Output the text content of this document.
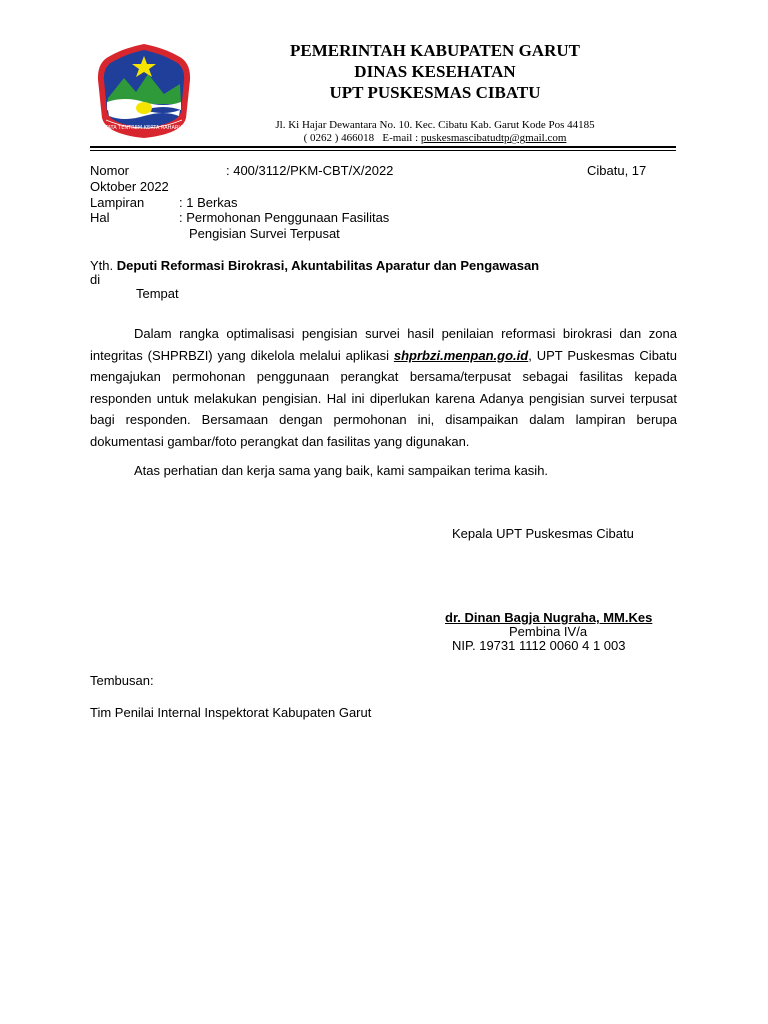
TATA TENTREM KERTA RAHARJA
PEMERINTAH KABUPATEN GARUT
DINAS KESEHATAN
UPT PUSKESMAS CIBATU
Jl. Ki Hajar Dewantara No. 10. Kec. Cibatu Kab. Garut Kode Pos 44185
( 0262 ) 466018 E-mail : puskesmascibatudtp@gmail.com
Nomor	: 400/3112/PKM-CBT/X/2022	Cibatu, 17
Oktober 2022
Lampiran	: 1 Berkas
Hal	: Permohonan Penggunaan Fasilitas
Pengisian Survei Terpusat
Yth. Deputi Reformasi Birokrasi, Akuntabilitas Aparatur dan Pengawasan
di
Tempat
Dalam rangka optimalisasi pengisian survei hasil penilaian reformasi birokrasi dan zona integritas (SHPRBZI) yang dikelola melalui aplikasi shprbzi.menpan.go.id, UPT Puskesmas Cibatu mengajukan permohonan penggunaan perangkat bersama/terpusat sebagai fasilitas kepada responden untuk melakukan pengisian. Hal ini diperlukan karena Adanya pengisian survei terpusat bagi responden. Bersamaan dengan permohonan ini, disampaikan dalam lampiran berupa dokumentasi gambar/foto perangkat dan fasilitas yang digunakan.
Atas perhatian dan kerja sama yang baik, kami sampaikan terima kasih.
Kepala UPT Puskesmas Cibatu
dr. Dinan Bagja Nugraha, MM.Kes
Pembina IV/a
NIP. 19731 1112 0060 4 1 003
Tembusan:
Tim Penilai Internal Inspektorat Kabupaten Garut
